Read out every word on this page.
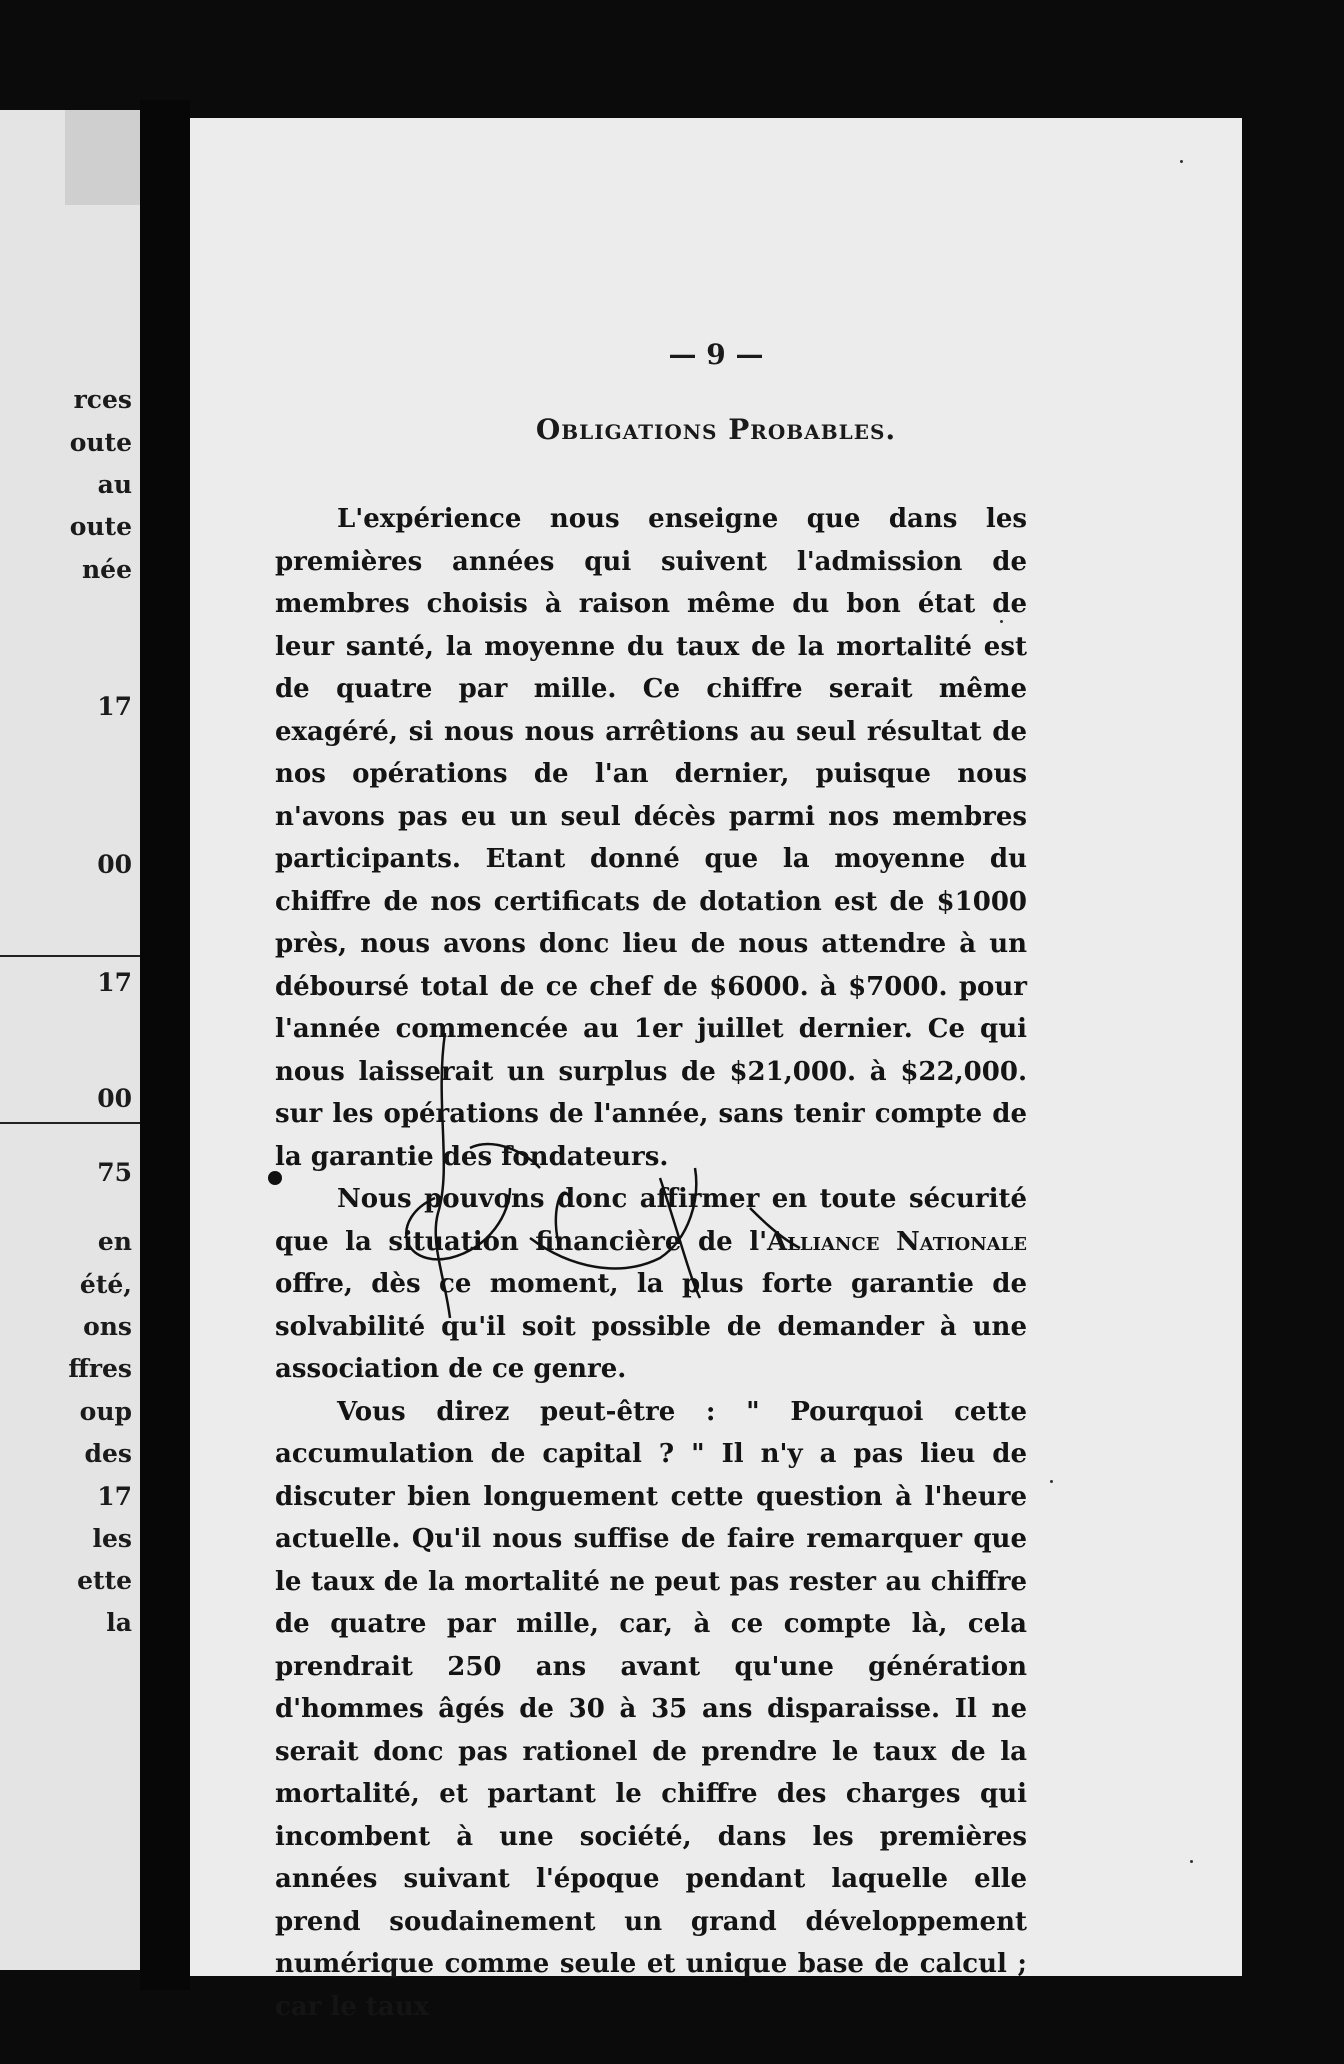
rces
oute
au
oute
née
17
00
17
00
75
en
été,
ons
ffres
oup
des
17
les
ette
la
— 9 —
Obligations Probables.

L'expérience nous enseigne que dans les premières années qui suivent l'admission de membres choisis à raison même du bon état de leur santé, la moyenne du taux de la mortalité est de quatre par mille. Ce chiffre serait même exagéré, si nous nous arrêtions au seul résultat de nos opérations de l'an dernier, puisque nous n'avons pas eu un seul décès parmi nos membres participants. Etant donné que la moyenne du chiffre de nos certificats de dotation est de $1000 près, nous avons donc lieu de nous attendre à un déboursé total de ce chef de $6000. à $7000. pour l'année commencée au 1er juillet dernier. Ce qui nous laisserait un surplus de $21,000. à $22,000. sur les opérations de l'année, sans tenir compte de la garantie des fondateurs.

Nous pouvons donc affirmer en toute sécurité que la situation financière de l'Alliance Nationale offre, dès ce moment, la plus forte garantie de solvabilité qu'il soit possible de demander à une association de ce genre.

Vous direz peut-être : " Pourquoi cette accumulation de capital ? " Il n'y a pas lieu de discuter bien longuement cette question à l'heure actuelle. Qu'il nous suffise de faire remarquer que le taux de la mortalité ne peut pas rester au chiffre de quatre par mille, car, à ce compte là, cela prendrait 250 ans avant qu'une génération d'hommes âgés de 30 à 35 ans disparaisse. Il ne serait donc pas rationel de prendre le taux de la mortalité, et partant le chiffre des charges qui incombent à une société, dans les premières années suivant l'époque pendant laquelle elle prend soudainement un grand développement numérique comme seule et unique base de calcul ; car le taux
